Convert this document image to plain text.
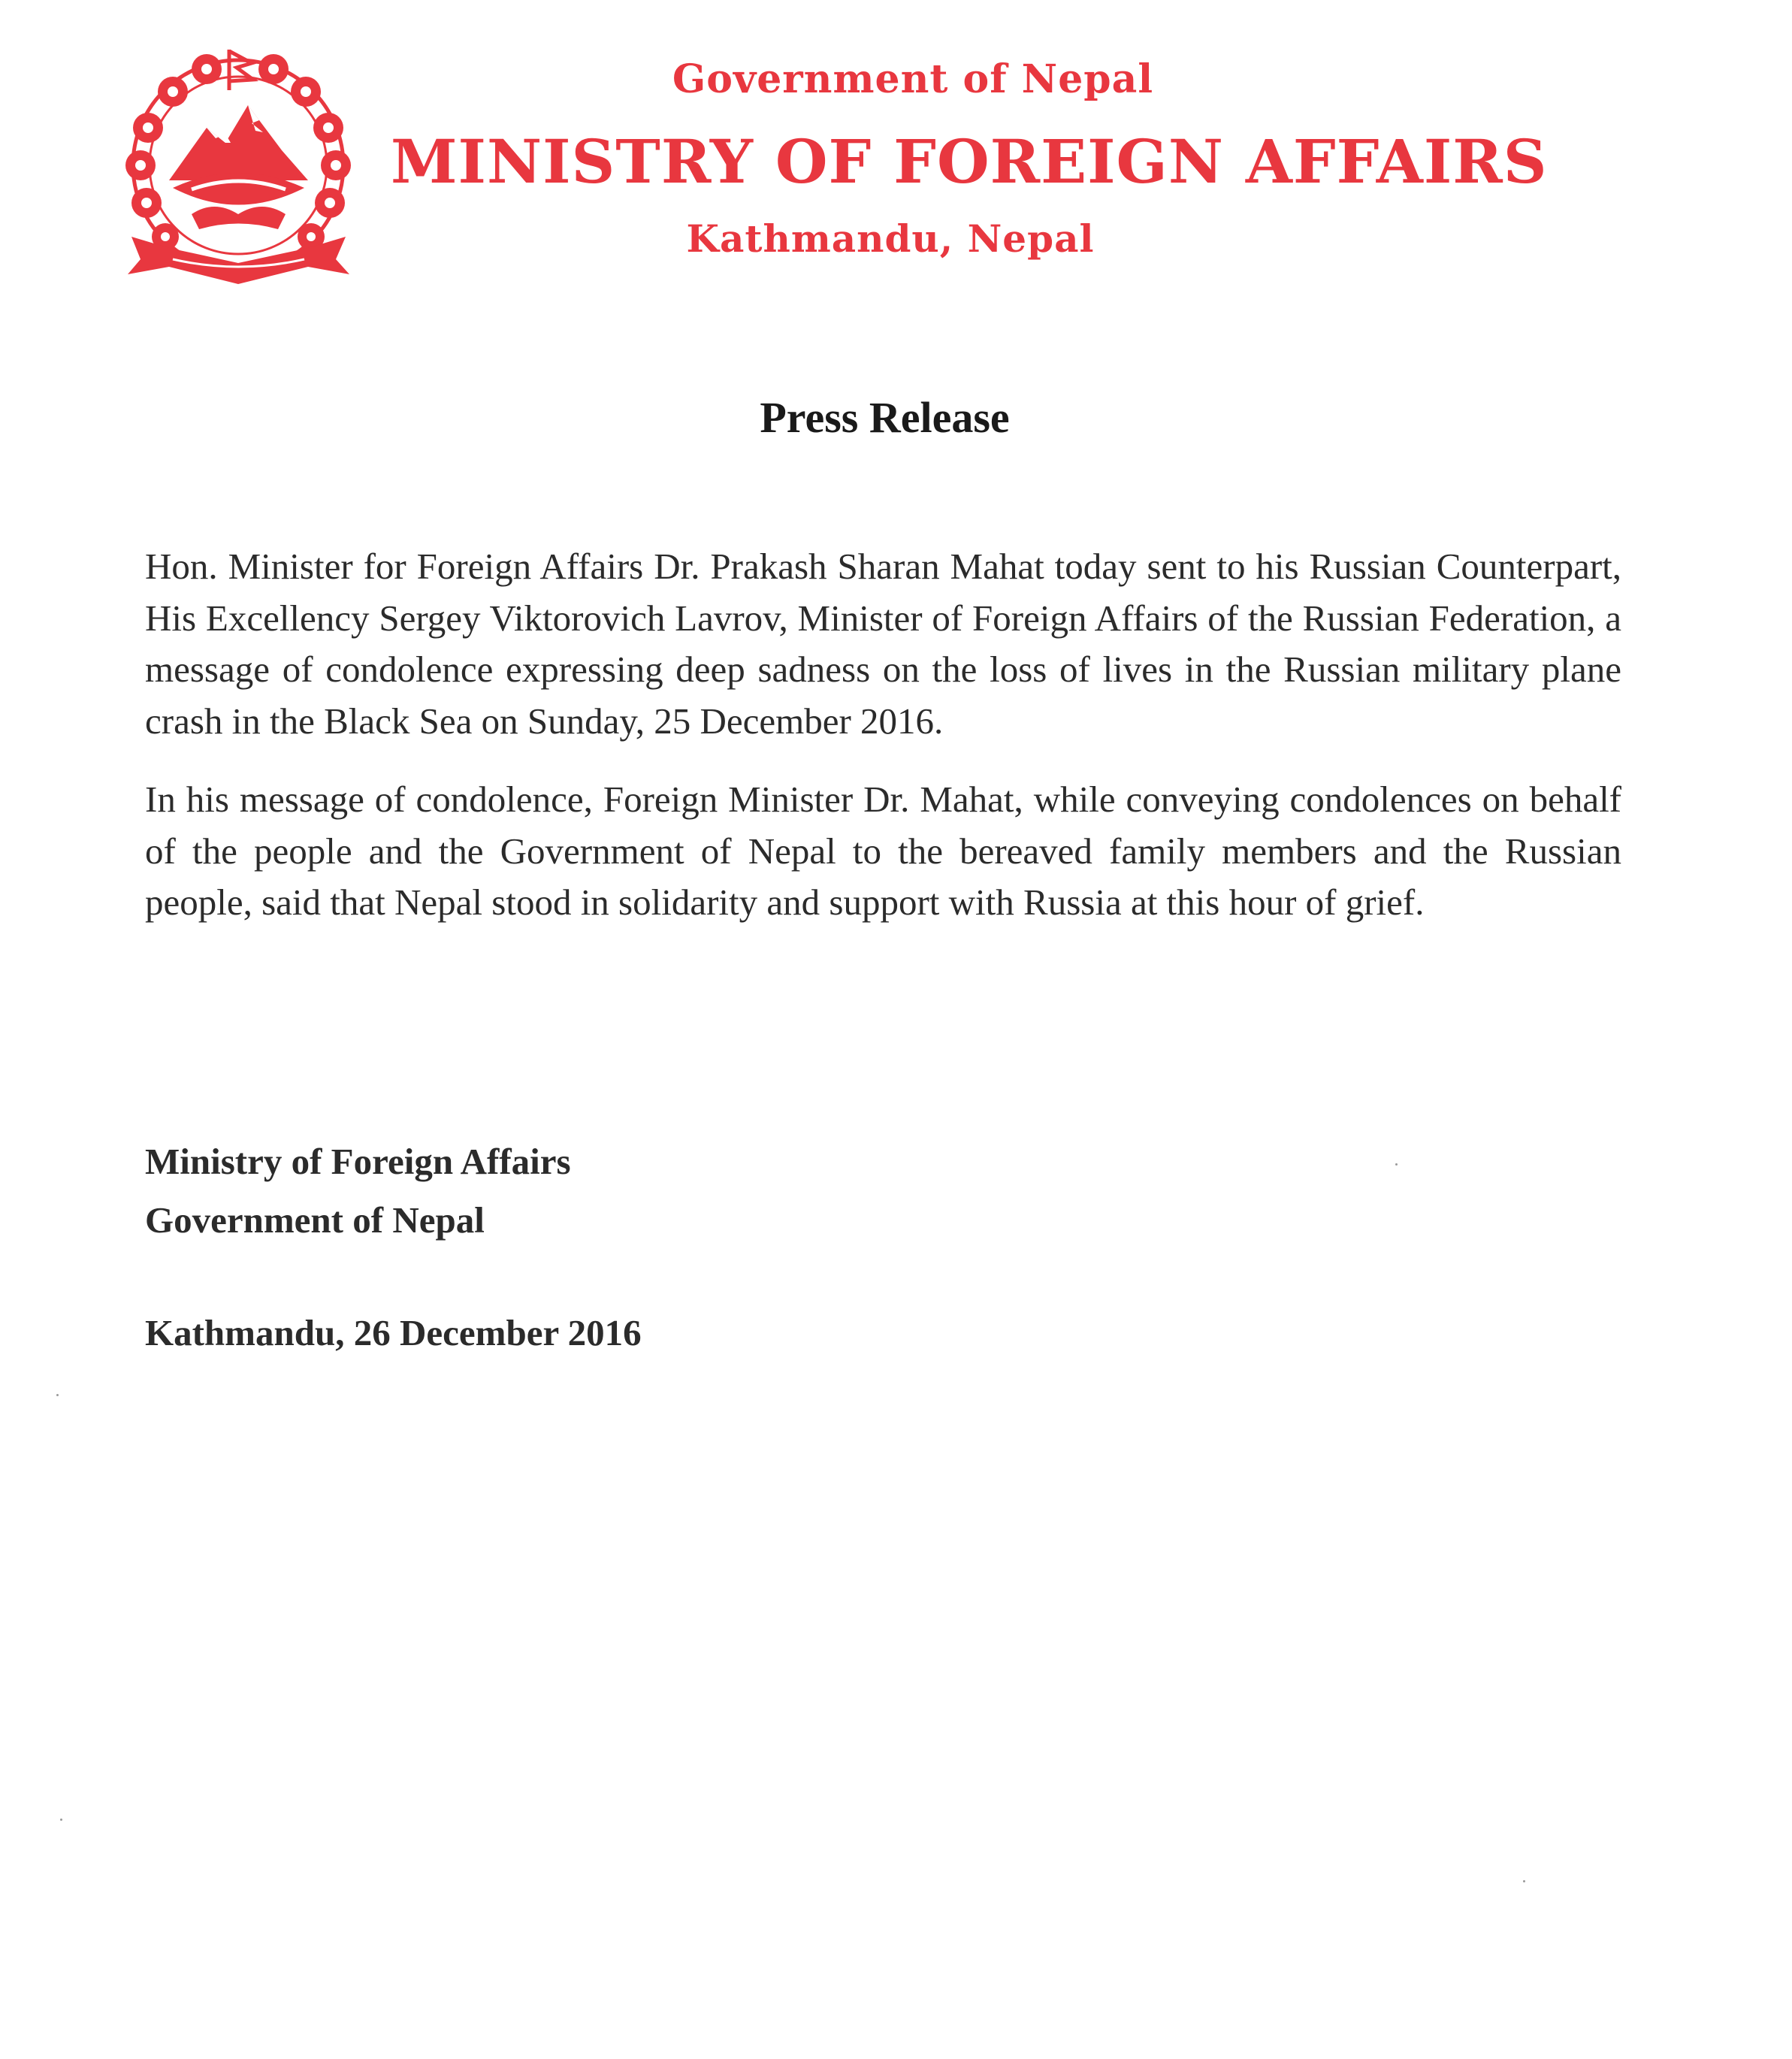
Government of Nepal
MINISTRY OF FOREIGN AFFAIRS
Kathmandu, Nepal
Press Release

Hon. Minister for Foreign Affairs Dr. Prakash Sharan Mahat today sent to his Russian Counterpart, His Excellency Sergey Viktorovich Lavrov, Minister of Foreign Affairs of the Russian Federation, a message of condolence expressing deep sadness on the loss of lives in the Russian military plane crash in the Black Sea on Sunday, 25 December 2016.

In his message of condolence, Foreign Minister Dr. Mahat, while conveying condolences on behalf of the people and the Government of Nepal to the bereaved family members and the Russian people, said that Nepal stood in solidarity and support with Russia at this hour of grief.

Ministry of Foreign Affairs
Government of Nepal
Kathmandu, 26 December 2016
